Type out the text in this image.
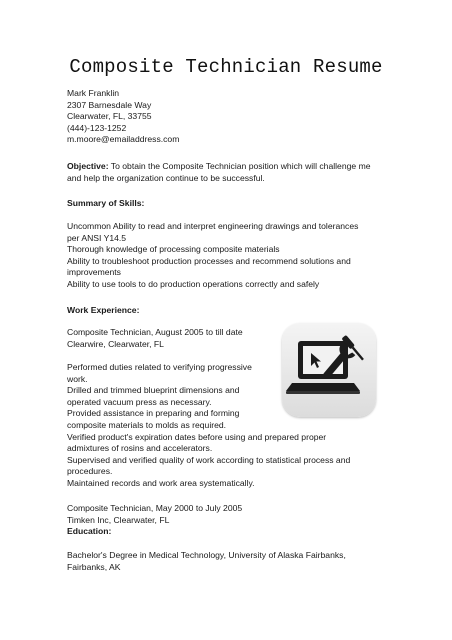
Composite Technician Resume
Mark Franklin
2307 Barnesdale Way
Clearwater, FL, 33755
(444)-123-1252
m.moore@emailaddress.com
Objective: To obtain the Composite Technician position which will challenge me and help the organization continue to be successful.
Summary of Skills:
Uncommon Ability to read and interpret engineering drawings and tolerances per ANSI Y14.5
Thorough knowledge of processing composite materials
Ability to troubleshoot production processes and recommend solutions and improvements
Ability to use tools to do production operations correctly and safely
Work Experience:
Composite Technician, August 2005 to till date
Clearwire, Clearwater, FL
Performed duties related to verifying progressive
work.
Drilled and trimmed blueprint dimensions and
operated vacuum press as necessary.
Provided assistance in preparing and forming
composite materials to molds as required.
Verified product's expiration dates before using and prepared proper
admixtures of rosins and accelerators.
Supervised and verified quality of work according to statistical process and
procedures.
Maintained records and work area systematically.
Composite Technician, May 2000 to July 2005
Timken Inc, Clearwater, FL
Education:
Bachelor's Degree in Medical Technology, University of Alaska Fairbanks,
Fairbanks, AK
